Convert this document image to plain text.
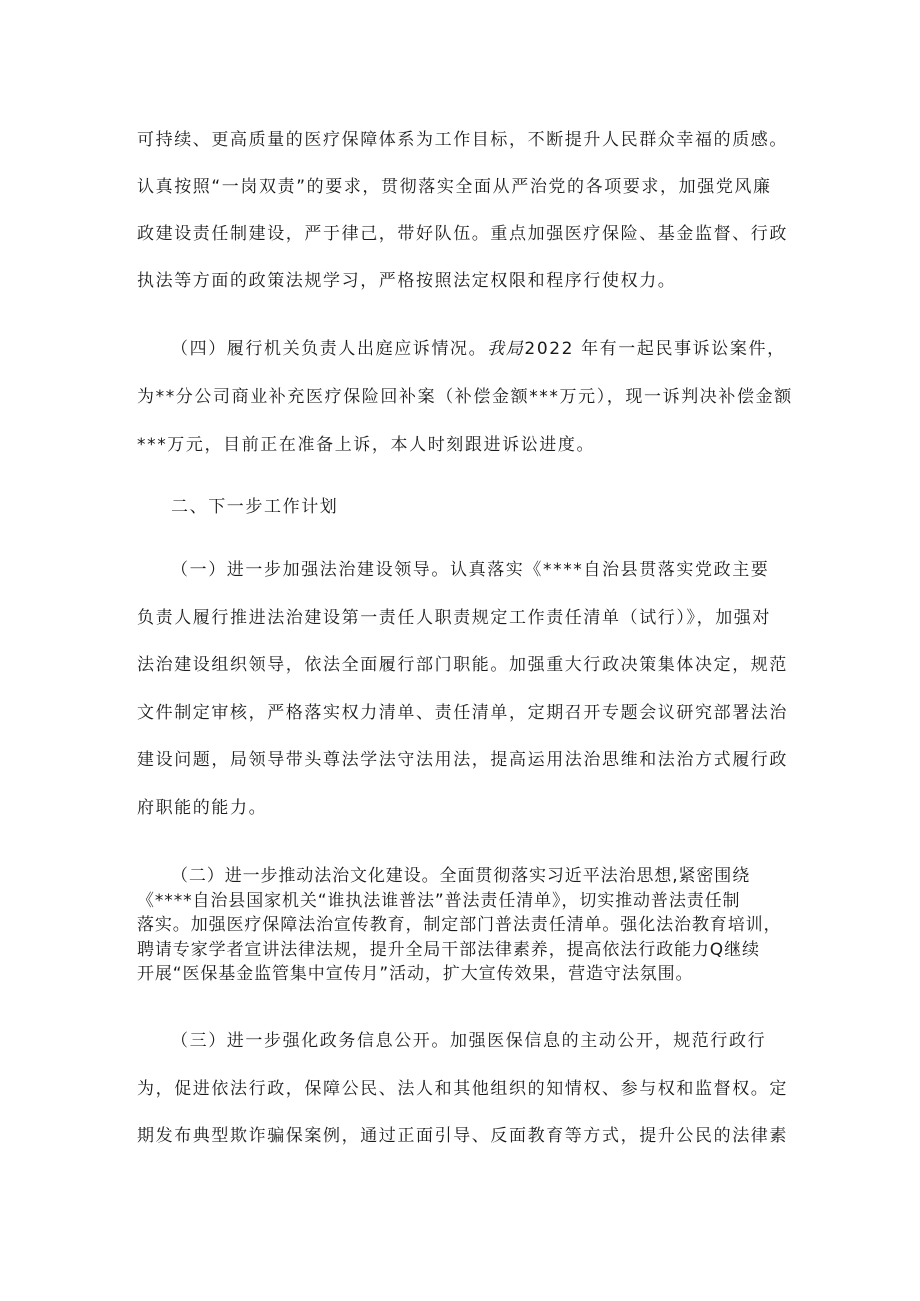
可持续、更高质量的医疗保障体系为工作目标，不断提升人民群众幸福的质感。
认真按照“一岗双责”的要求，贯彻落实全面从严治党的各项要求，加强党风廉
政建设责任制建设，严于律己，带好队伍。重点加强医疗保险、基金监督、行政
执法等方面的政策法规学习，严格按照法定权限和程序行使权力。
（四）履行机关负责人出庭应诉情况。我局2022 年有一起民事诉讼案件，
为**分公司商业补充医疗保险回补案（补偿金额***万元），现一诉判决补偿金额
***万元，目前正在准备上诉，本人时刻跟进诉讼进度。
二、下一步工作计划
（一）进一步加强法治建设领导。认真落实《****自治县贯落实党政主要
负责人履行推进法治建设第一责任人职责规定工作责任清单（试行）》，加强对
法治建设组织领导，依法全面履行部门职能。加强重大行政决策集体决定，规范
文件制定审核，严格落实权力清单、责任清单，定期召开专题会议研究部署法治
建设问题，局领导带头尊法学法守法用法，提高运用法治思维和法治方式履行政
府职能的能力。
（二）进一步推动法治文化建设。全面贯彻落实习近平法治思想,紧密围绕
《****自治县国家机关“谁执法谁普法”普法责任清单》，切实推动普法责任制
落实。加强医疗保障法治宣传教育，制定部门普法责任清单。强化法治教育培训，
聘请专家学者宣讲法律法规，提升全局干部法律素养，提高依法行政能力Q继续
开展“医保基金监管集中宣传月”活动，扩大宣传效果，营造守法氛围。
（三）进一步强化政务信息公开。加强医保信息的主动公开，规范行政行
为，促进依法行政，保障公民、法人和其他组织的知情权、参与权和监督权。定
期发布典型欺诈骗保案例，通过正面引导、反面教育等方式，提升公民的法律素
